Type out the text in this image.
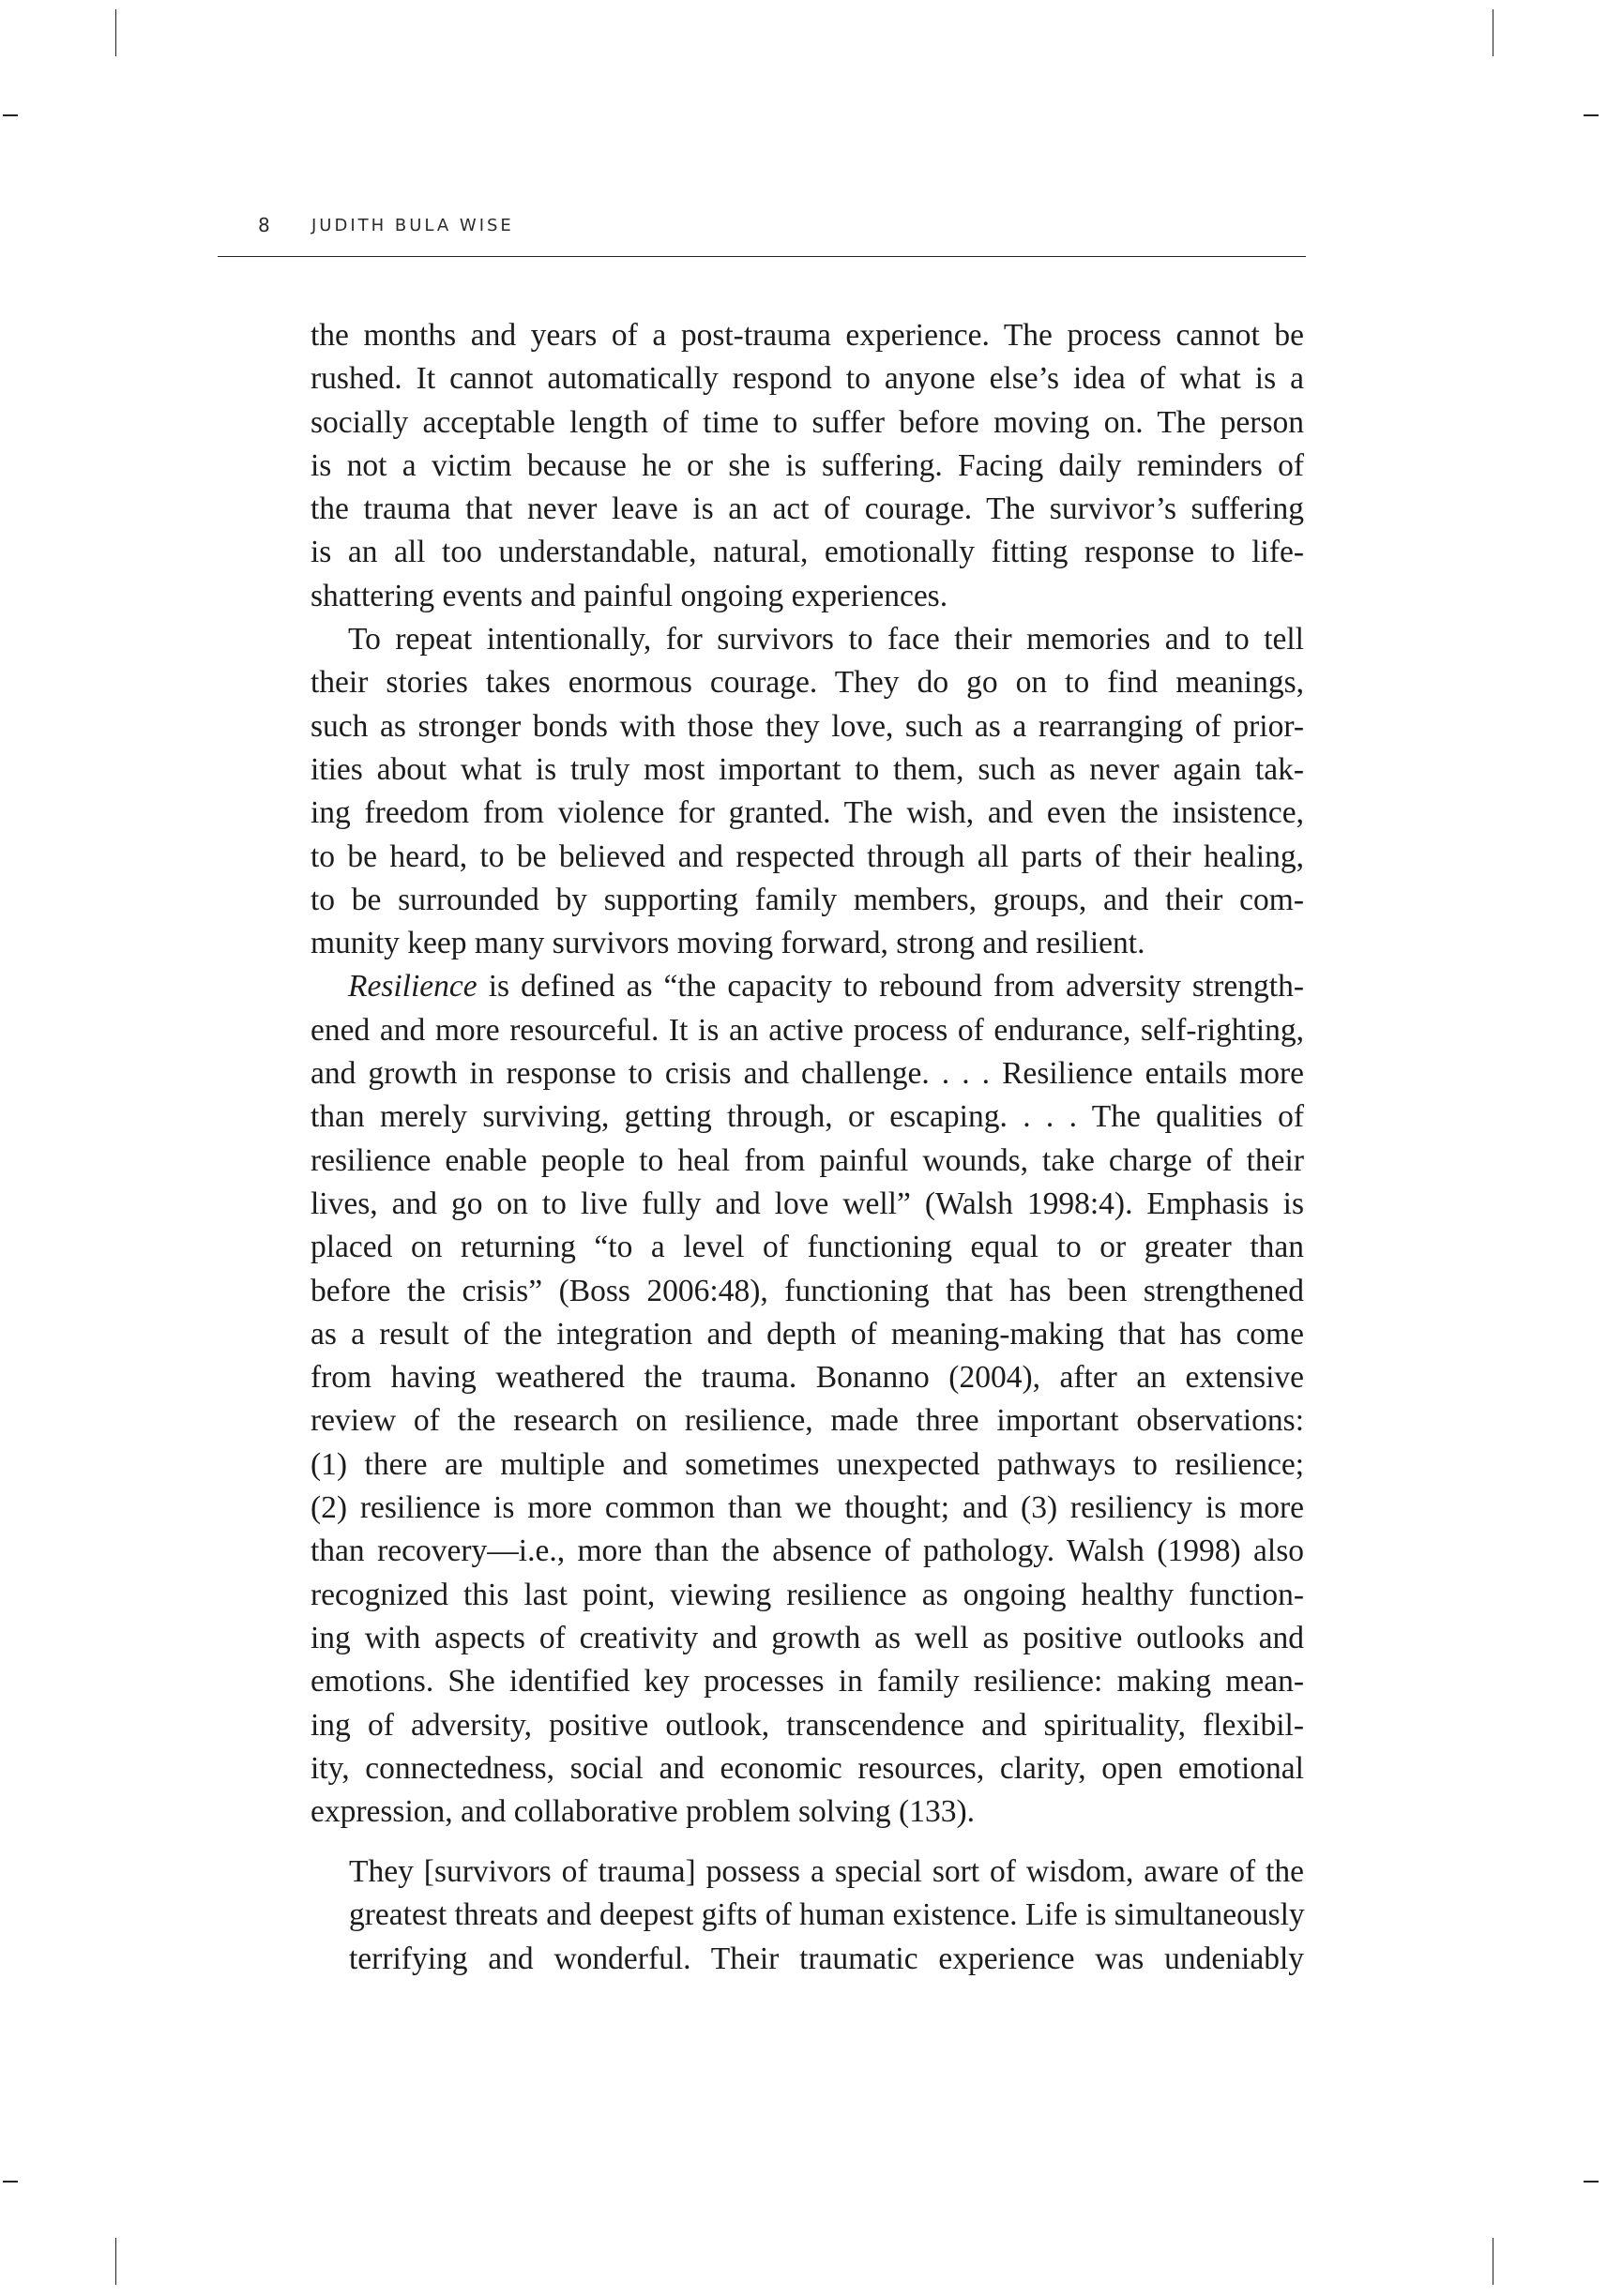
8 JUDITH BULA WISE

the months and years of a post-trauma experience. The process cannot be
rushed. It cannot automatically respond to anyone else’s idea of what is a
socially acceptable length of time to suffer before moving on. The person
is not a victim because he or she is suffering. Facing daily reminders of
the trauma that never leave is an act of courage. The survivor’s suffering
is an all too understandable, natural, emotionally fitting response to life-
shattering events and painful ongoing experiences.

To repeat intentionally, for survivors to face their memories and to tell
their stories takes enormous courage. They do go on to find meanings,
such as stronger bonds with those they love, such as a rearranging of prior-
ities about what is truly most important to them, such as never again tak-
ing freedom from violence for granted. The wish, and even the insistence,
to be heard, to be believed and respected through all parts of their healing,
to be surrounded by supporting family members, groups, and their com-
munity keep many survivors moving forward, strong and resilient.

Resilience is defined as “the capacity to rebound from adversity strength-
ened and more resourceful. It is an active process of endurance, self-righting,
and growth in response to crisis and challenge. . . . Resilience entails more
than merely surviving, getting through, or escaping. . . . The qualities of
resilience enable people to heal from painful wounds, take charge of their
lives, and go on to live fully and love well” (Walsh 1998:4). Emphasis is
placed on returning “to a level of functioning equal to or greater than
before the crisis” (Boss 2006:48), functioning that has been strengthened
as a result of the integration and depth of meaning-making that has come
from having weathered the trauma. Bonanno (2004), after an extensive
review of the research on resilience, made three important observations:
(1) there are multiple and sometimes unexpected pathways to resilience;
(2) resilience is more common than we thought; and (3) resiliency is more
than recovery—i.e., more than the absence of pathology. Walsh (1998) also
recognized this last point, viewing resilience as ongoing healthy function-
ing with aspects of creativity and growth as well as positive outlooks and
emotions. She identified key processes in family resilience: making mean-
ing of adversity, positive outlook, transcendence and spirituality, flexibil-
ity, connectedness, social and economic resources, clarity, open emotional
expression, and collaborative problem solving (133).

They [survivors of trauma] possess a special sort of wisdom, aware of the
greatest threats and deepest gifts of human existence. Life is simultaneously
terrifying and wonderful. Their traumatic experience was undeniably
